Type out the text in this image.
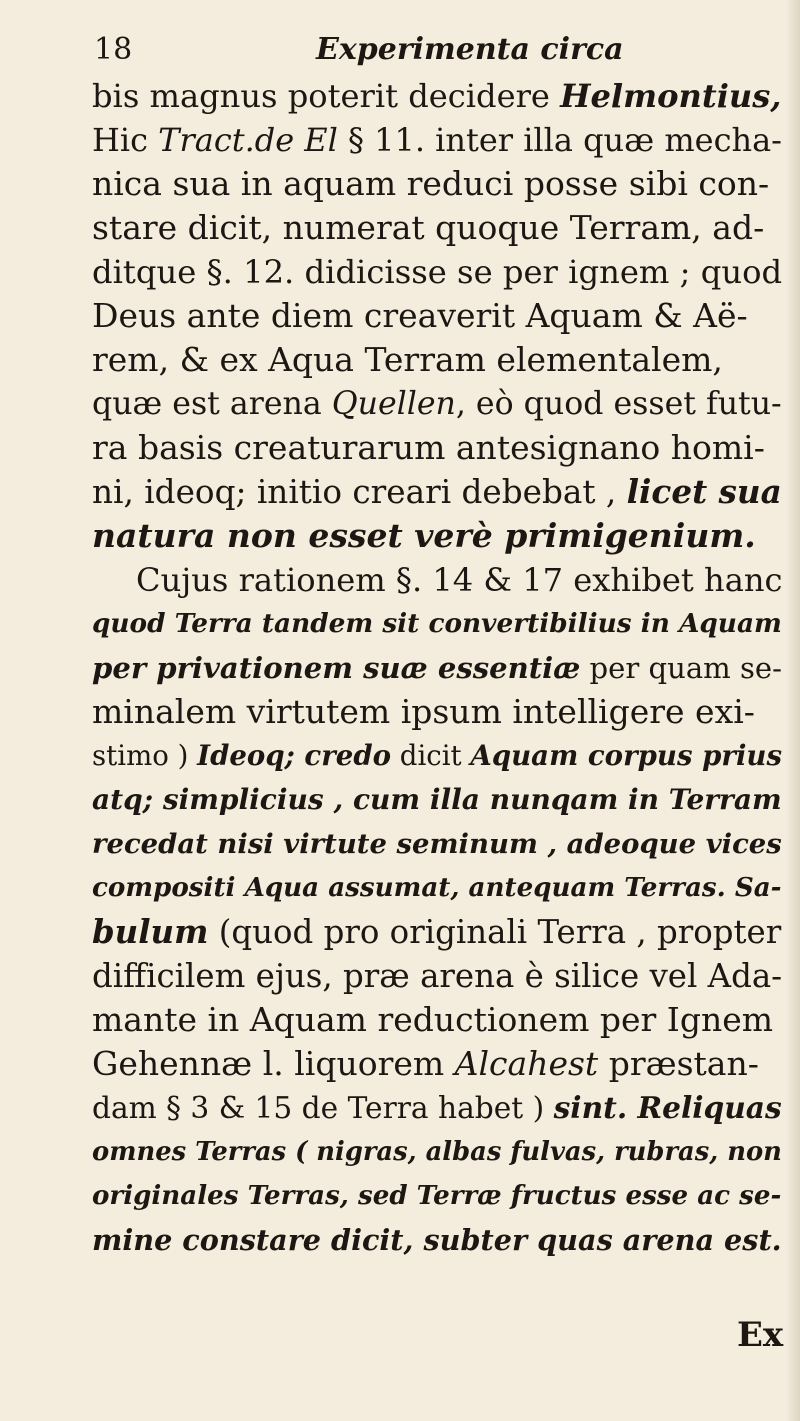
18	Experimenta circa
bis magnus poterit decidere Helmontius,
Hic Tract.de El § 11. inter illa quæ mecha-
nica sua in aquam reduci posse sibi con-
stare dicit, numerat quoque Terram, ad-
ditque §. 12. didicisse se per ignem ; quod
Deus ante diem creaverit Aquam & Aë-
rem, & ex Aqua Terram elementalem,
quæ est arena Quellen, eò quod esset futu-
ra basis creaturarum antesignano homi-
ni, ideoq; initio creari debebat , licet sua
natura non esset verè primigenium.
Cujus rationem §. 14 & 17 exhibet hanc
quod Terra tandem sit convertibilius in Aquam
per privationem suæ essentiæ per quam se-
minalem virtutem ipsum intelligere exi-
stimo ) Ideoq; credo dicit Aquam corpus prius
atq; simplicius , cum illa nunqam in Terram
recedat nisi virtute seminum , adeoque vices
compositi Aqua assumat, antequam Terras. Sa-
bulum (quod pro originali Terra , propter
difficilem ejus, præ arena è silice vel Ada-
mante in Aquam reductionem per Ignem
Gehennæ l. liquorem Alcahest præstan-
dam § 3 & 15 de Terra habet ) sint. Reliquas
omnes Terras ( nigras, albas fulvas, rubras, non
originales Terras, sed Terræ fructus esse ac se-
mine constare dicit, subter quas arena est.
Ex
